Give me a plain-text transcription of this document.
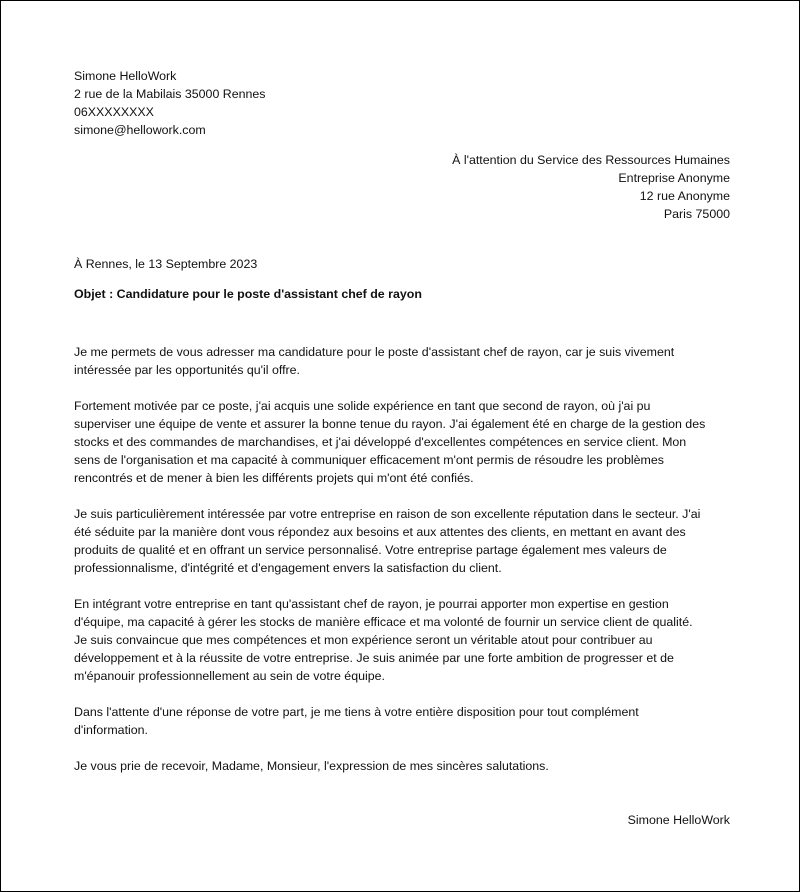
Simone HelloWork
2 rue de la Mabilais 35000 Rennes
06XXXXXXXX
simone@hellowork.com
À l'attention du Service des Ressources Humaines
Entreprise Anonyme
12 rue Anonyme
Paris 75000
À Rennes, le 13 Septembre 2023
Objet : Candidature pour le poste d'assistant chef de rayon

Je me permets de vous adresser ma candidature pour le poste d'assistant chef de rayon, car je suis vivement
intéressée par les opportunités qu'il offre.

Fortement motivée par ce poste, j'ai acquis une solide expérience en tant que second de rayon, où j'ai pu
superviser une équipe de vente et assurer la bonne tenue du rayon. J'ai également été en charge de la gestion des
stocks et des commandes de marchandises, et j'ai développé d'excellentes compétences en service client. Mon
sens de l'organisation et ma capacité à communiquer efficacement m'ont permis de résoudre les problèmes
rencontrés et de mener à bien les différents projets qui m'ont été confiés.

Je suis particulièrement intéressée par votre entreprise en raison de son excellente réputation dans le secteur. J'ai
été séduite par la manière dont vous répondez aux besoins et aux attentes des clients, en mettant en avant des
produits de qualité et en offrant un service personnalisé. Votre entreprise partage également mes valeurs de
professionnalisme, d'intégrité et d'engagement envers la satisfaction du client.

En intégrant votre entreprise en tant qu'assistant chef de rayon, je pourrai apporter mon expertise en gestion
d'équipe, ma capacité à gérer les stocks de manière efficace et ma volonté de fournir un service client de qualité.
Je suis convaincue que mes compétences et mon expérience seront un véritable atout pour contribuer au
développement et à la réussite de votre entreprise. Je suis animée par une forte ambition de progresser et de
m'épanouir professionnellement au sein de votre équipe.

Dans l'attente d'une réponse de votre part, je me tiens à votre entière disposition pour tout complément
d'information.

Je vous prie de recevoir, Madame, Monsieur, l'expression de mes sincères salutations.

Simone HelloWork
